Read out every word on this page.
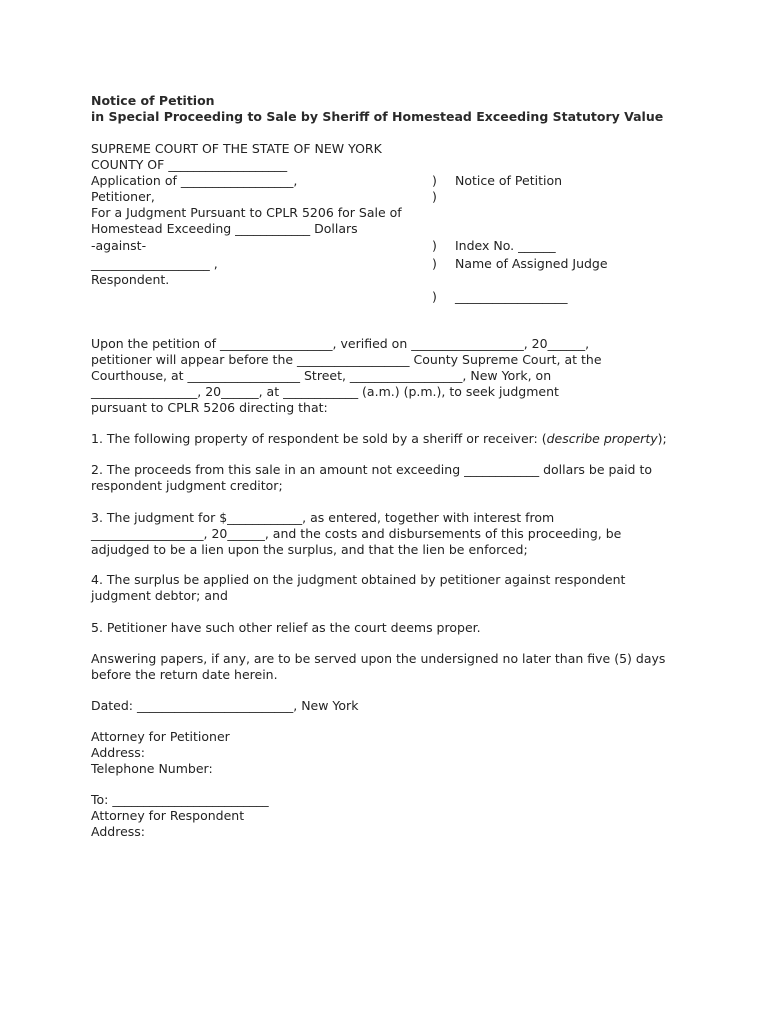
Notice of Petition
in Special Proceeding to Sale by Sheriff of Homestead Exceeding Statutory Value
SUPREME COURT OF THE STATE OF NEW YORK
COUNTY OF ___________________
Application of __________________,
Petitioner,
For a Judgment Pursuant to CPLR 5206 for Sale of
Homestead Exceeding ____________ Dollars
-against-
___________________ ,
Respondent.
)
)
)
)
)
Notice of Petition
Index No. ______
Name of Assigned Judge
__________________
Upon the petition of __________________, verified on __________________, 20______,
petitioner will appear before the __________________ County Supreme Court, at the
Courthouse, at __________________ Street, __________________, New York, on
_________________, 20______, at ____________ (a.m.) (p.m.), to seek judgment
pursuant to CPLR 5206 directing that:
1. The following property of respondent be sold by a sheriff or receiver: (describe property);
2. The proceeds from this sale in an amount not exceeding ____________ dollars be paid to
respondent judgment creditor;
3. The judgment for $____________, as entered, together with interest from
__________________, 20______, and the costs and disbursements of this proceeding, be
adjudged to be a lien upon the surplus, and that the lien be enforced;
4. The surplus be applied on the judgment obtained by petitioner against respondent
judgment debtor; and
5. Petitioner have such other relief as the court deems proper.
Answering papers, if any, are to be served upon the undersigned no later than five (5) days
before the return date herein.
Dated: _________________________, New York
Attorney for Petitioner
Address:
Telephone Number:
To: _________________________
Attorney for Respondent
Address:
